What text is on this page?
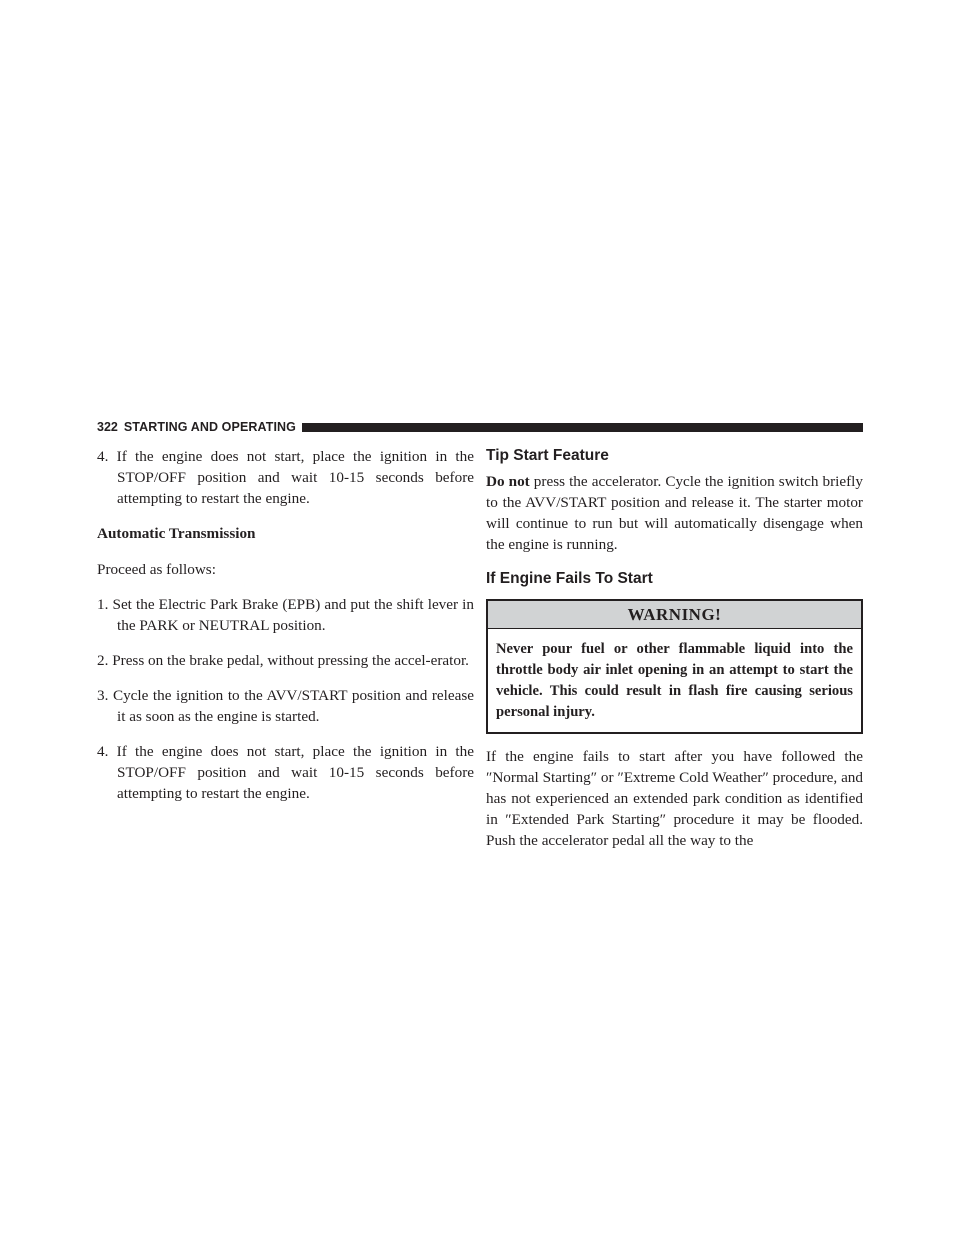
322 STARTING AND OPERATING

4. If the engine does not start, place the ignition in the STOP/OFF position and wait 10-15 seconds before attempting to restart the engine.

Automatic Transmission

Proceed as follows:

1. Set the Electric Park Brake (EPB) and put the shift lever in the PARK or NEUTRAL position.

2. Press on the brake pedal, without pressing the accel-erator.

3. Cycle the ignition to the AVV/START position and release it as soon as the engine is started.

4. If the engine does not start, place the ignition in the STOP/OFF position and wait 10-15 seconds before attempting to restart the engine.

Tip Start Feature

Do not press the accelerator. Cycle the ignition switch briefly to the AVV/START position and release it. The starter motor will continue to run but will automatically disengage when the engine is running.

If Engine Fails To Start
WARNING!
Never pour fuel or other flammable liquid into the throttle body air inlet opening in an attempt to start the vehicle. This could result in flash fire causing serious personal injury.

If the engine fails to start after you have followed the ″Normal Starting″ or ″Extreme Cold Weather″ procedure, and has not experienced an extended park condition as identified in ″Extended Park Starting″ procedure it may be flooded. Push the accelerator pedal all the way to the
